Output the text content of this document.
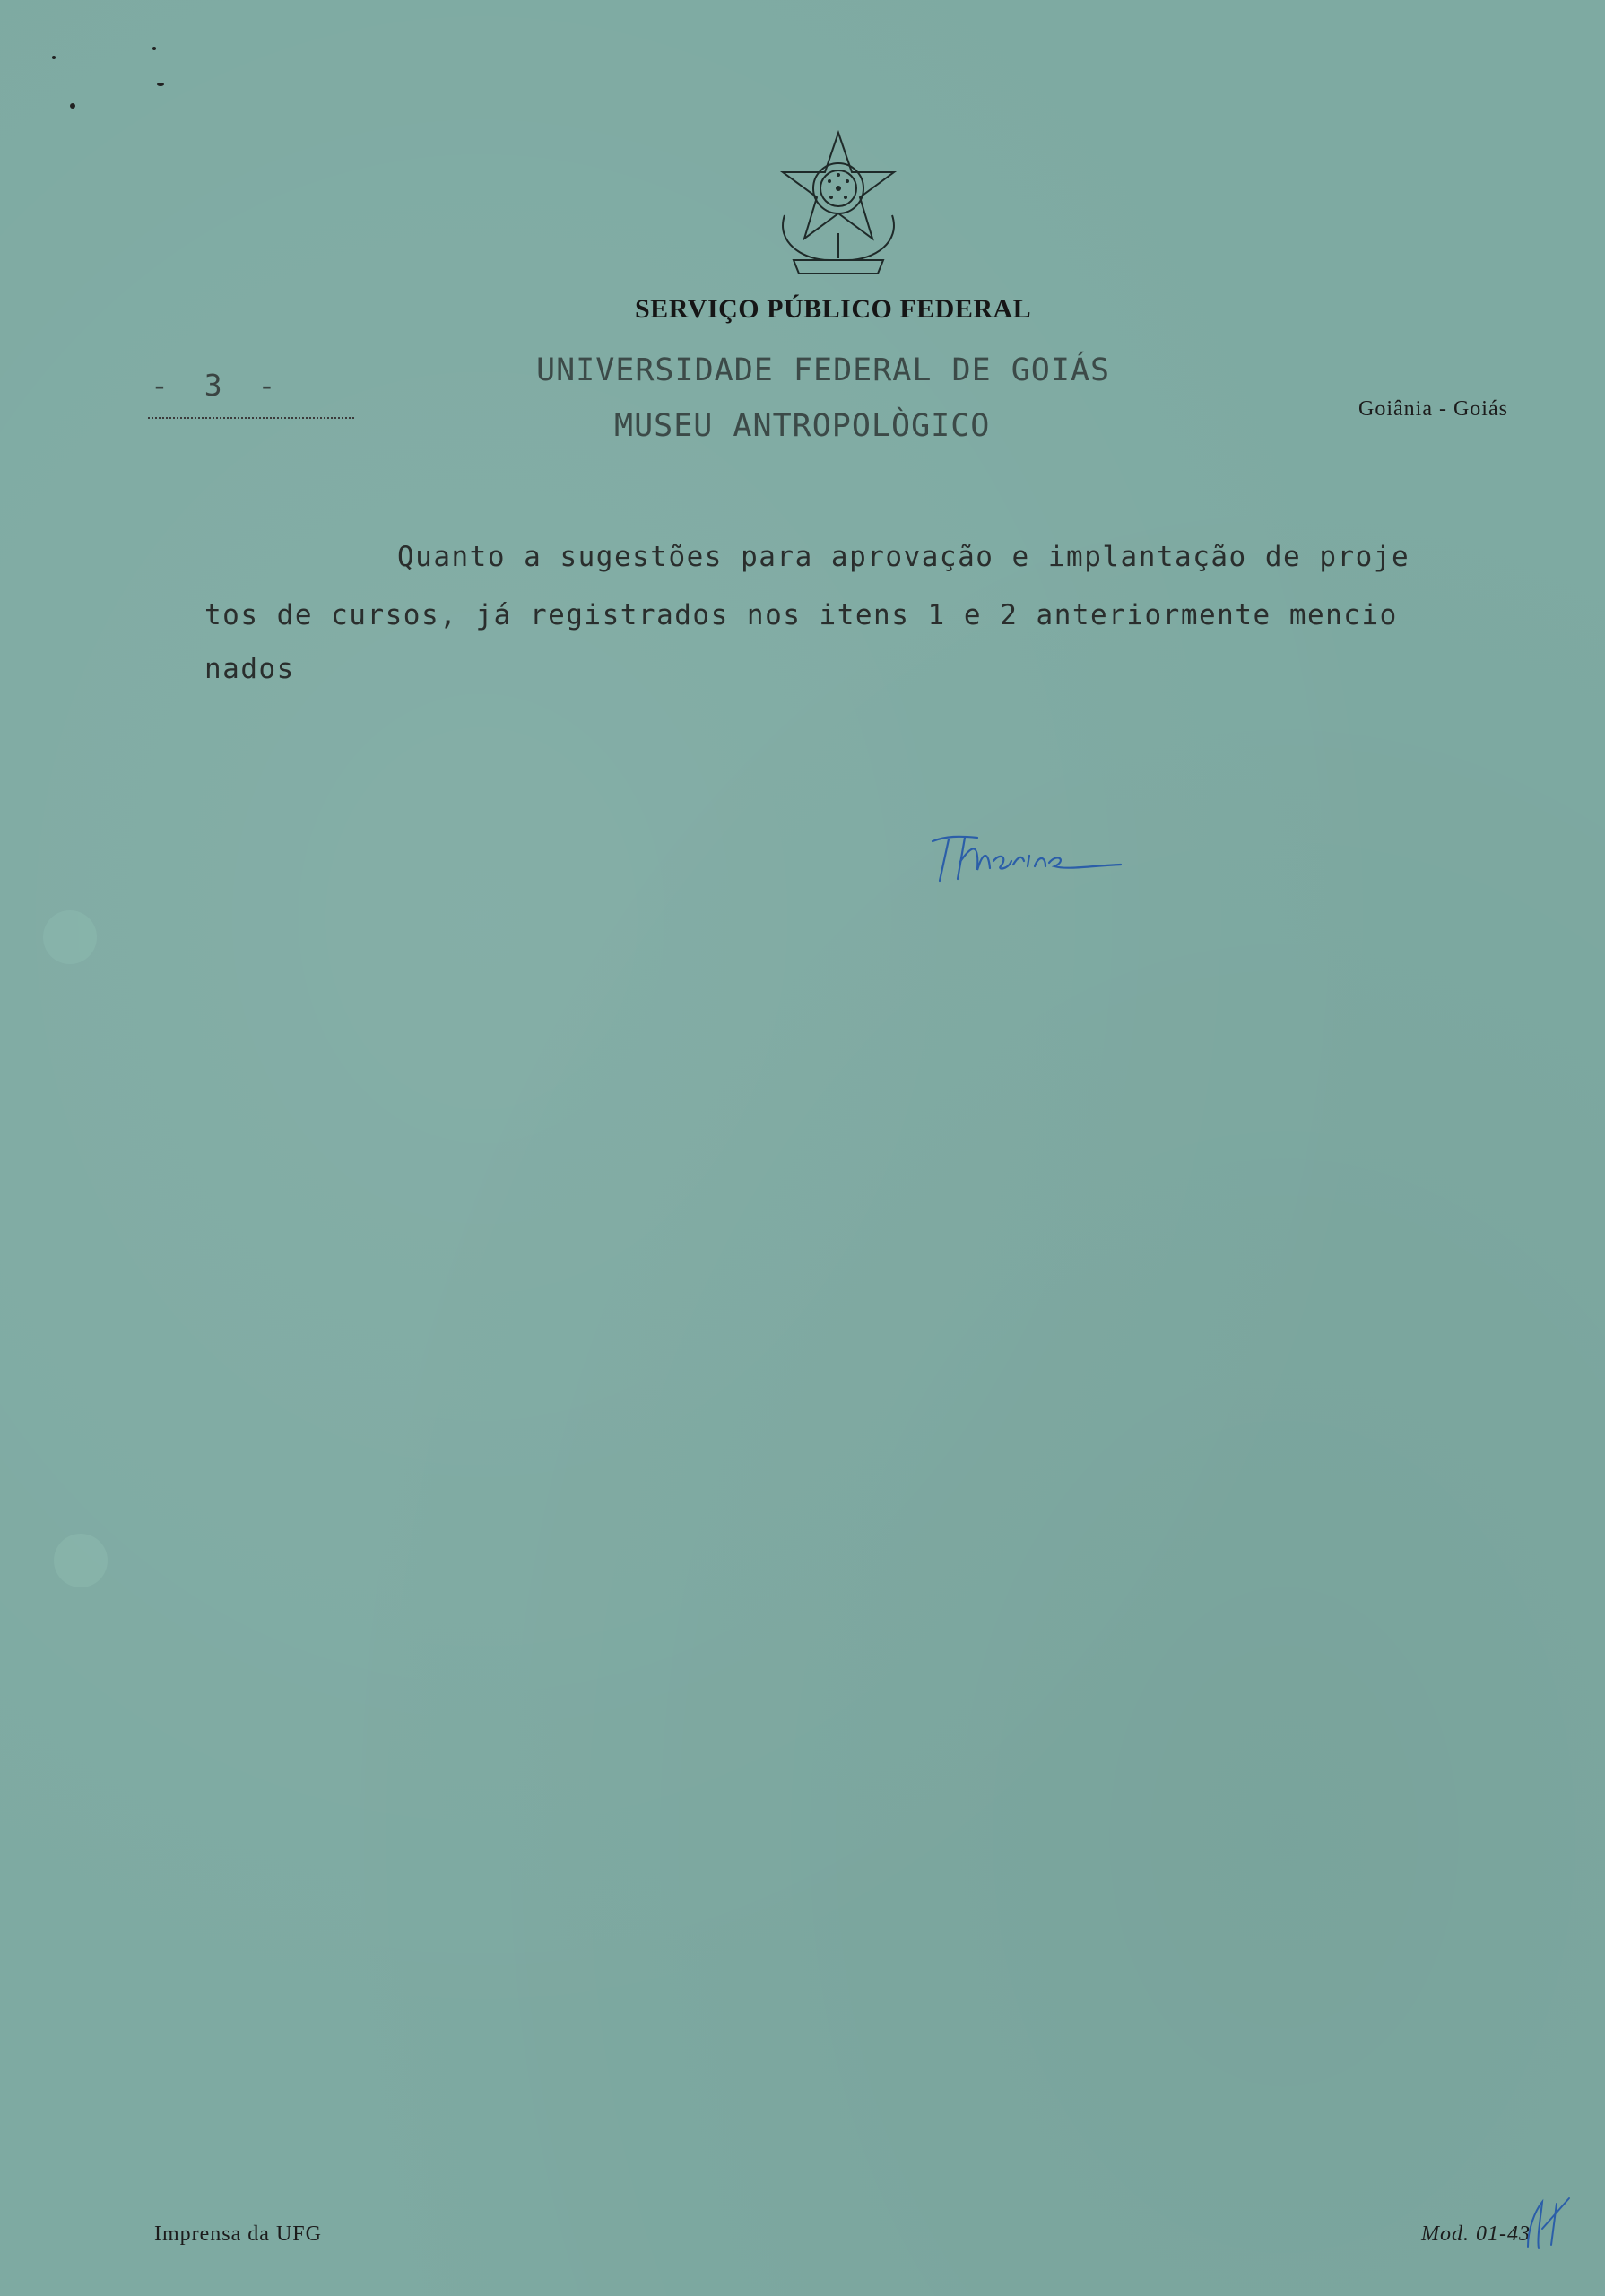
SERVIÇO PÚBLICO FEDERAL
UNIVERSIDADE FEDERAL DE GOIÁS
MUSEU ANTROPOLÒGICO	Goiânia - Goiás
- 3 -
Quanto a sugestões para aprovação e implantação de proje
tos de cursos, já registrados nos itens 1 e 2 anteriormente mencio
nados
Imprensa da UFG	Mod. 01-43
